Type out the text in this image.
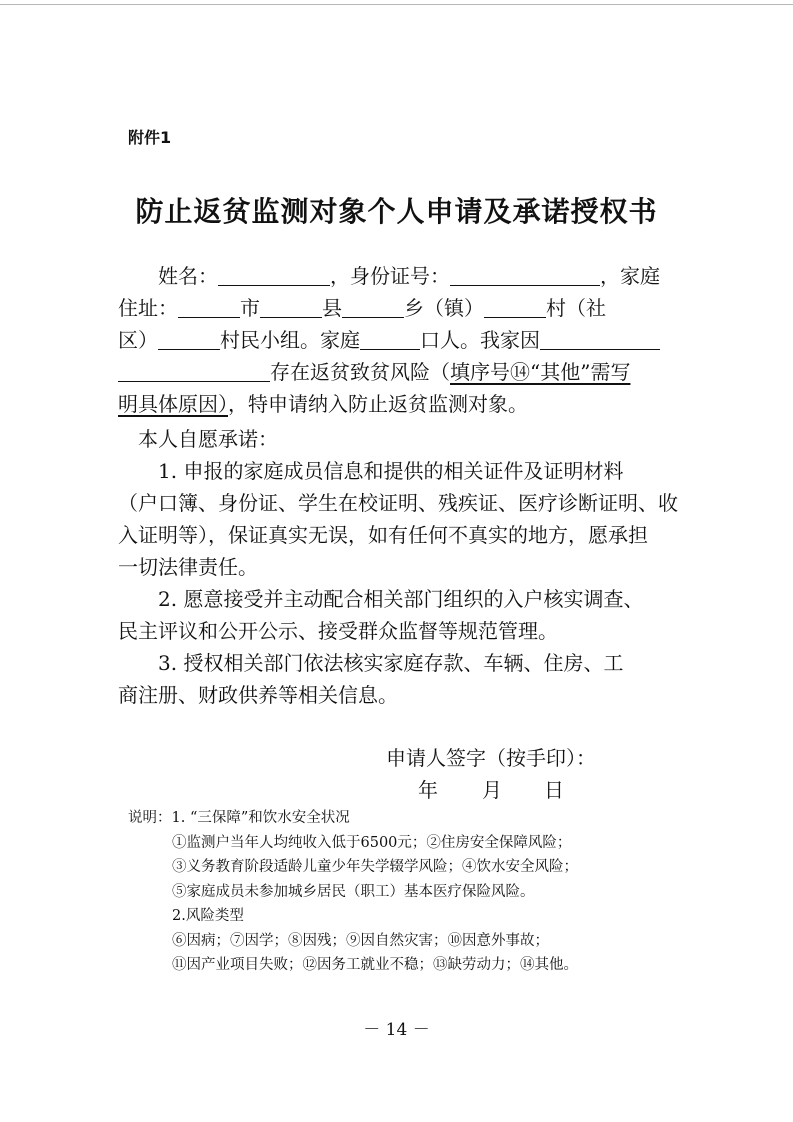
附件1
防止返贫监测对象个人申请及承诺授权书
姓名：	，身份证号：	，家庭
住址：	市	县	乡（镇）	村（社
区）	村民小组。家庭	口人。我家因
存在返贫致贫风险（填序号⑭“其他”需写
明具体原因），特申请纳入防止返贫监测对象。
本人自愿承诺：
1. 申报的家庭成员信息和提供的相关证件及证明材料
（户口簿、身份证、学生在校证明、残疾证、医疗诊断证明、收
入证明等），保证真实无误，如有任何不真实的地方，愿承担
一切法律责任。
2. 愿意接受并主动配合相关部门组织的入户核实调查、
民主评议和公开公示、接受群众监督等规范管理。
3. 授权相关部门依法核实家庭存款、车辆、住房、工
商注册、财政供养等相关信息。
申请人签字（按手印）：
年 月 日
说明：1. “三保障”和饮水安全状况
①监测户当年人均纯收入低于6500元；②住房安全保障风险；
③义务教育阶段适龄儿童少年失学辍学风险；④饮水安全风险；
⑤家庭成员未参加城乡居民（职工）基本医疗保险风险。
2.风险类型
⑥因病；⑦因学；⑧因残；⑨因自然灾害；⑩因意外事故；
⑪因产业项目失败；⑫因务工就业不稳；⑬缺劳动力；⑭其他。
－ 14 －
